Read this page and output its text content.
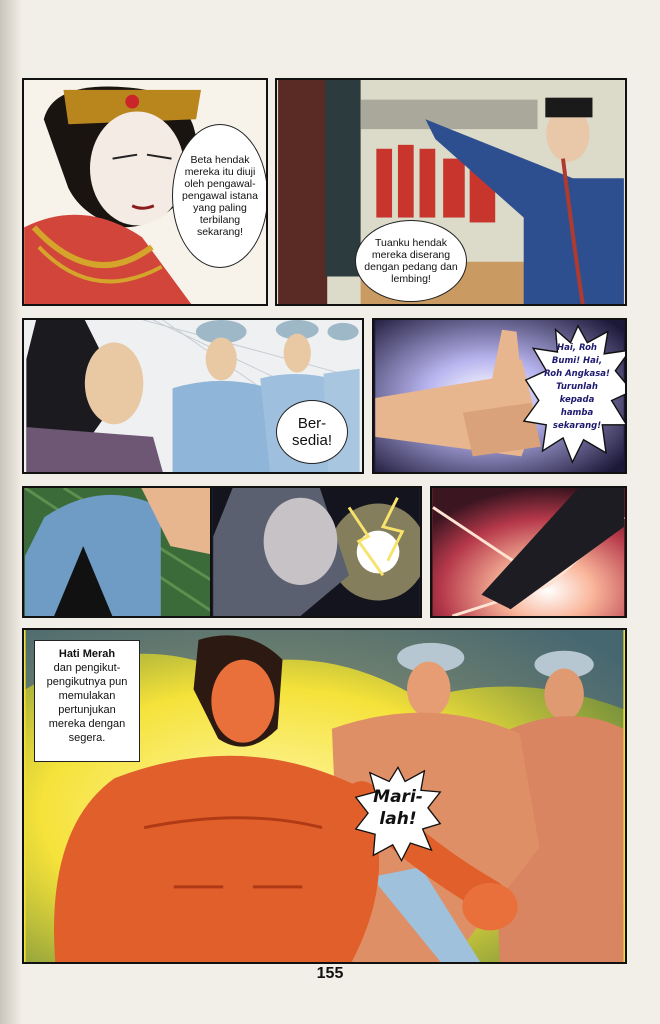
Beta hendak mereka itu diuji oleh pengawal-pengawal istana yang paling terbilang sekarang!
Tuanku hendak mereka diserang dengan pedang dan lembing!
Ber-sedia!
Hai, Roh Bumi! Hai, Roh Angkasa! Turunlah kepada hamba sekarang!
Hati Merah
dan pengikut-pengikutnya pun memulakan pertunjukan mereka dengan segera.
Mari-lah!
155
